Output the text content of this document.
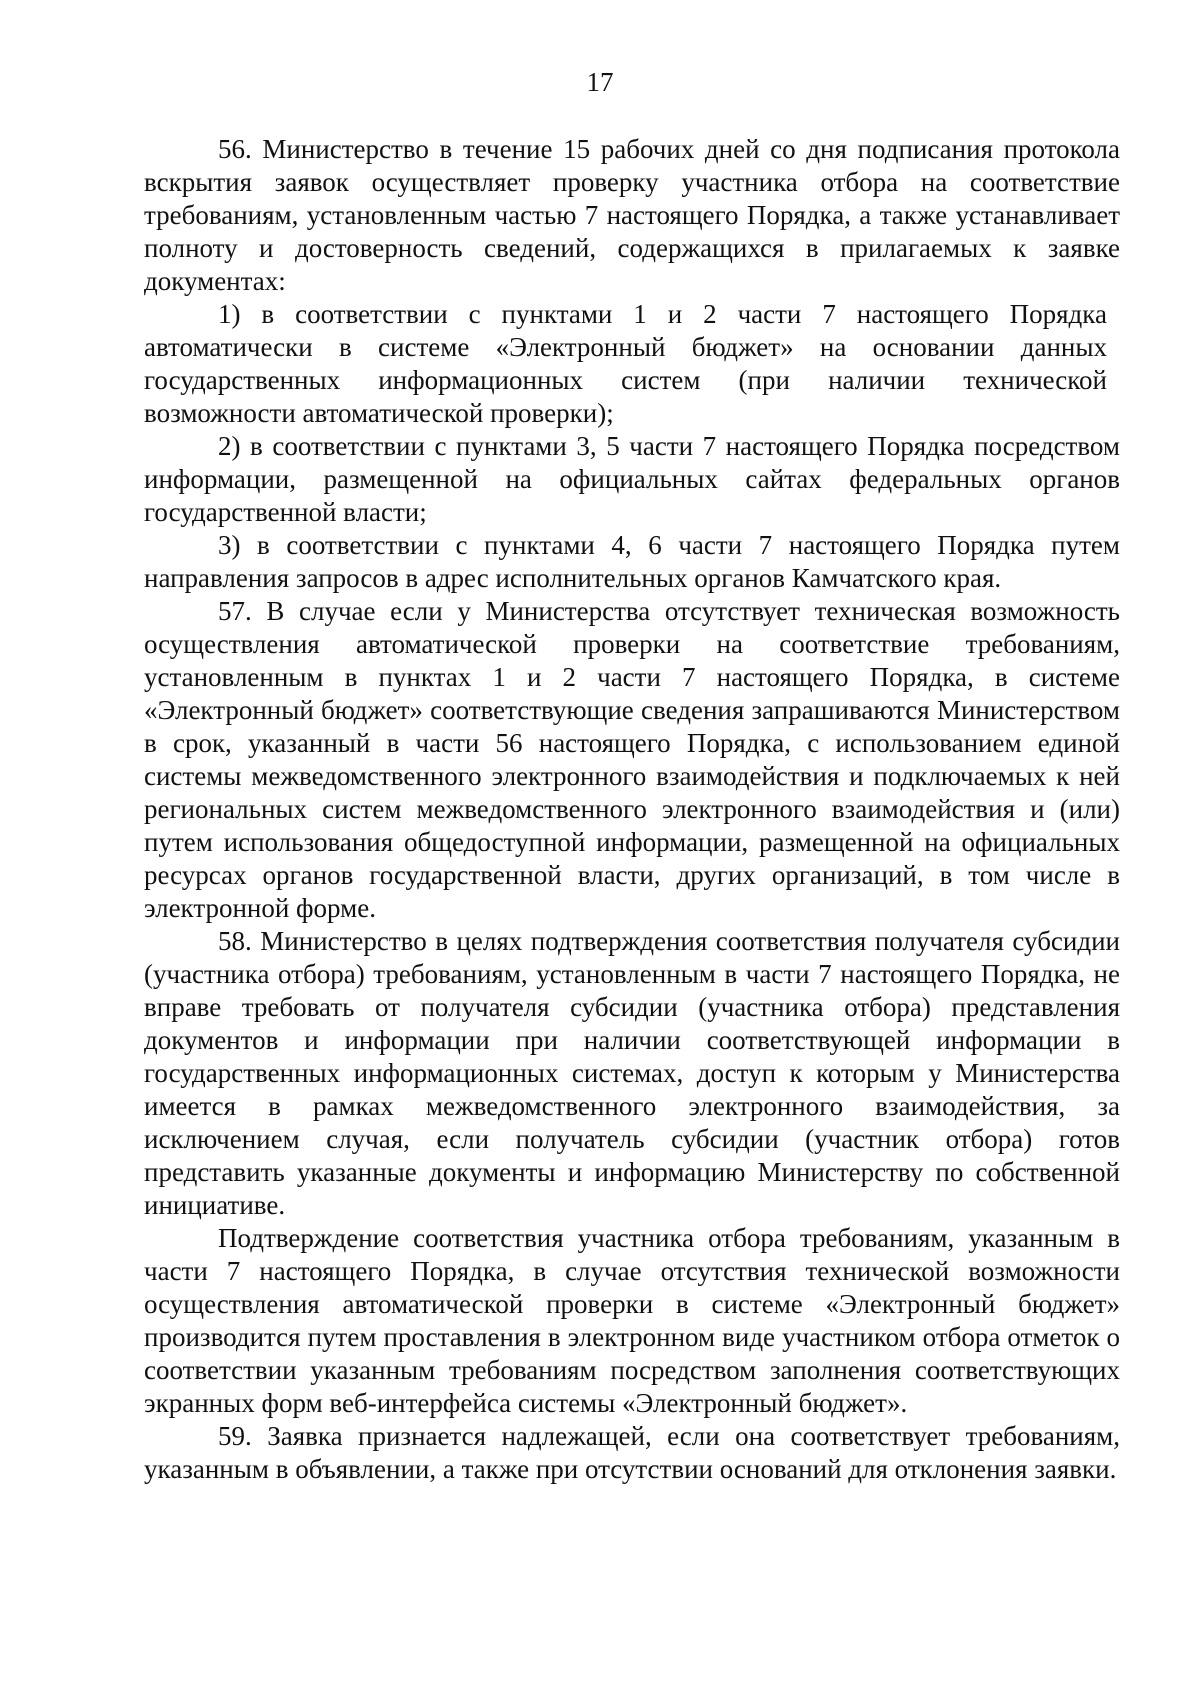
17

56. Министерство в течение 15 рабочих дней со дня подписания протокола вскрытия заявок осуществляет проверку участника отбора на соответствие требованиям, установленным частью 7 настоящего Порядка, а также устанавливает полноту и достоверность сведений, содержащихся в прилагаемых к заявке документах:

1) в соответствии с пунктами 1 и 2 части 7 настоящего Порядка автоматически в системе «Электронный бюджет» на основании данных государственных информационных систем (при наличии технической возможности автоматической проверки);

2) в соответствии с пунктами 3, 5 части 7 настоящего Порядка посредством информации, размещенной на официальных сайтах федеральных органов государственной власти;

3) в соответствии с пунктами 4, 6 части 7 настоящего Порядка путем направления запросов в адрес исполнительных органов Камчатского края.

57. В случае если у Министерства отсутствует техническая возможность осуществления автоматической проверки на соответствие требованиям, установленным в пунктах 1 и 2 части 7 настоящего Порядка, в системе «Электронный бюджет» соответствующие сведения запрашиваются Министерством в срок, указанный в части 56 настоящего Порядка, с использованием единой системы межведомственного электронного взаимодействия и подключаемых к ней региональных систем межведомственного электронного взаимодействия и (или) путем использования общедоступной информации, размещенной на официальных ресурсах органов государственной власти, других организаций, в том числе в электронной форме.

58. Министерство в целях подтверждения соответствия получателя субсидии (участника отбора) требованиям, установленным в части 7 настоящего Порядка, не вправе требовать от получателя субсидии (участника отбора) представления документов и информации при наличии соответствующей информации в государственных информационных системах, доступ к которым у Министерства имеется в рамках межведомственного электронного взаимодействия, за исключением случая, если получатель субсидии (участник отбора) готов представить указанные документы и информацию Министерству по собственной инициативе.

Подтверждение соответствия участника отбора требованиям, указанным в части 7 настоящего Порядка, в случае отсутствия технической возможности осуществления автоматической проверки в системе «Электронный бюджет» производится путем проставления в электронном виде участником отбора отметок о соответствии указанным требованиям посредством заполнения соответствующих экранных форм веб-интерфейса системы «Электронный бюджет».

59. Заявка признается надлежащей, если она соответствует требованиям, указанным в объявлении, а также при отсутствии оснований для отклонения заявки.
